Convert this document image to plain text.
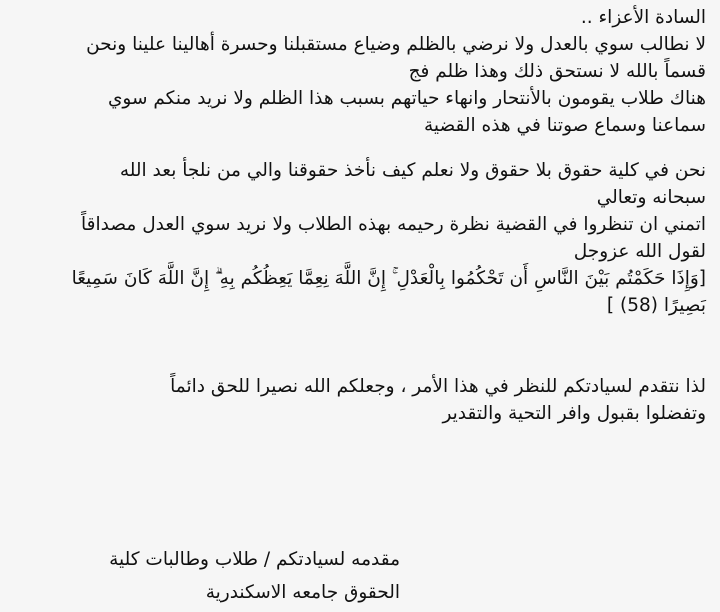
السادة الأعزاء ..
لا نطالب سوي بالعدل ولا نرضي بالظلم وضياع مستقبلنا وحسرة أهالينا علينا ونحن
قسماً بالله لا نستحق ذلك وهذا ظلم فج
هناك طلاب يقومون بالأنتحار وانهاء حياتهم بسبب هذا الظلم ولا نريد منكم سوي
سماعنا وسماع صوتنا في هذه القضية
نحن في كلية حقوق بلا حقوق ولا نعلم كيف نأخذ حقوقنا والي من نلجأ بعد الله
سبحانه وتعالي
اتمني ان تنظروا في القضية نظرة رحيمه بهذه الطلاب ولا نريد سوي العدل مصداقاً
لقول الله عزوجل
[وَإِذَا حَكَمْتُم بَيْنَ النَّاسِ أَن تَحْكُمُوا بِالْعَدْلِ ۚ إِنَّ اللَّهَ نِعِمَّا يَعِظُكُم بِهِ ۗ إِنَّ اللَّهَ كَانَ سَمِيعًا
بَصِيرًا (58) ]
لذا نتقدم لسيادتكم للنظر في هذا الأمر ، وجعلكم الله نصيرا للحق دائماً
وتفضلوا بقبول وافر التحية والتقدير
مقدمه لسيادتكم / طلاب وطالبات كلية
الحقوق جامعه الاسكندرية
